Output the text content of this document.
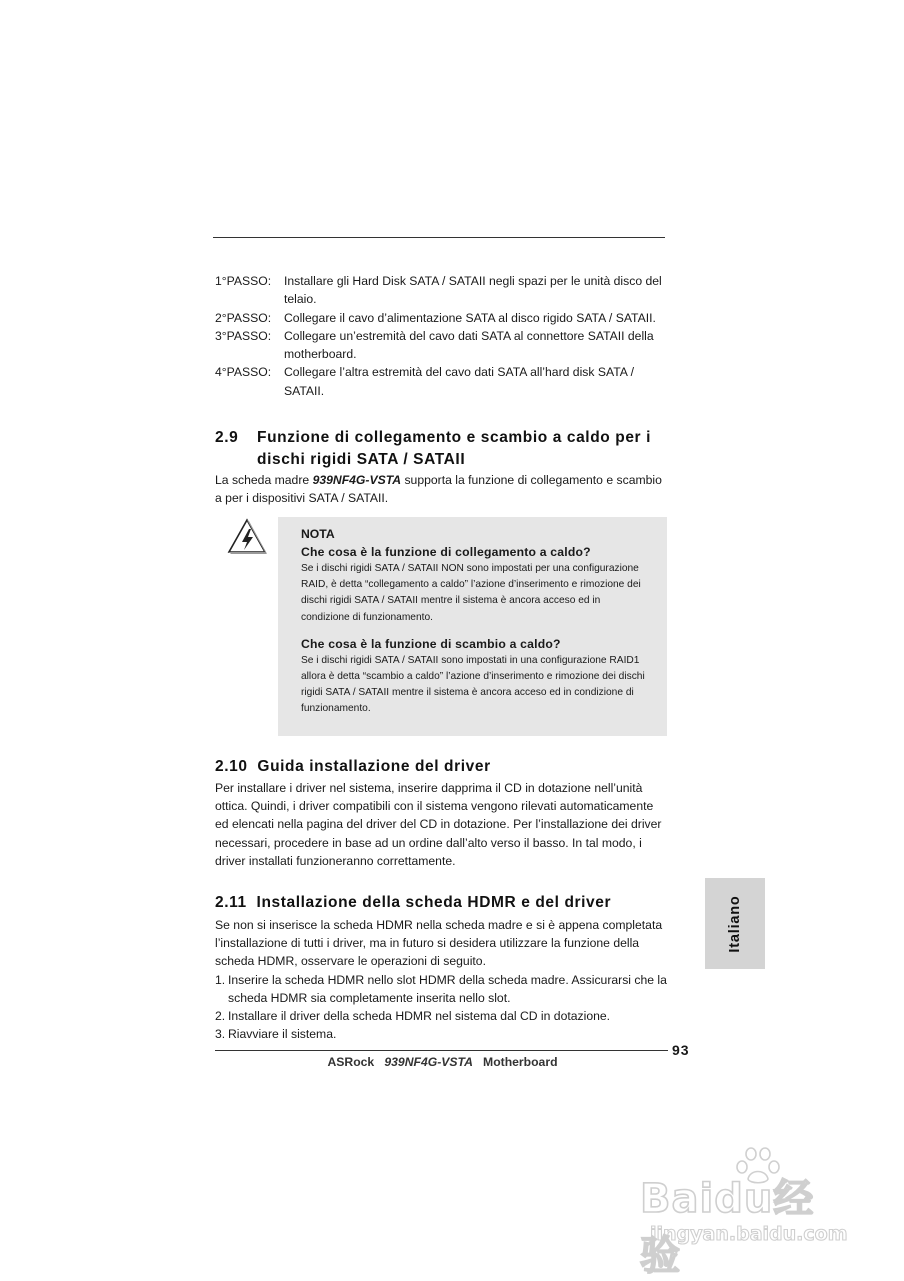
1°PASSO:	Installare gli Hard Disk SATA / SATAII negli spazi per le unità disco del telaio.
2°PASSO:	Collegare il cavo d’alimentazione SATA al disco rigido SATA / SATAII.
3°PASSO:	Collegare un’estremità del cavo dati SATA al connettore SATAII della motherboard.
4°PASSO:	Collegare l’altra estremità del cavo dati SATA all’hard disk SATA / SATAII.
2.9 Funzione di collegamento e scambio a caldo per i
dischi rigidi SATA / SATAII
La scheda madre 939NF4G-VSTA supporta la funzione di collegamento e scambio a per i dispositivi SATA / SATAII.
NOTA
Che cosa è la funzione di collegamento a caldo?
Se i dischi rigidi SATA / SATAII NON sono impostati per una configurazione RAID, è detta “collegamento a caldo” l’azione d’inserimento e rimozione dei dischi rigidi SATA / SATAII mentre il sistema è ancora acceso ed in condizione di funzionamento.
Che cosa è la funzione di scambio a caldo?
Se i dischi rigidi SATA / SATAII sono impostati in una configurazione RAID1 allora è detta “scambio a caldo” l’azione d’inserimento e rimozione dei dischi rigidi SATA / SATAII mentre il sistema è ancora acceso ed in condizione di funzionamento.
2.10 Guida installazione del driver
Per installare i driver nel sistema, inserire dapprima il CD in dotazione nell’unità ottica. Quindi, i driver compatibili con il sistema vengono rilevati automaticamente ed elencati nella pagina del driver del CD in dotazione. Per l’installazione dei driver necessari, procedere in base ad un ordine dall’alto verso il basso. In tal modo, i driver installati funzioneranno correttamente.
2.11 Installazione della scheda HDMR e del driver
Se non si inserisce la scheda HDMR nella scheda madre e si è appena completata l’installazione di tutti i driver, ma in futuro si desidera utilizzare la funzione della scheda HDMR, osservare le operazioni di seguito.
1. Inserire la scheda HDMR nello slot HDMR della scheda madre. Assicurarsi che la scheda HDMR sia completamente inserita nello slot.
2. Installare il driver della scheda HDMR nel sistema dal CD in dotazione.
3. Riavviare il sistema.
Italiano
93
ASRock 939NF4G-VSTA Motherboard
Baidu经验
jingyan.baidu.com
